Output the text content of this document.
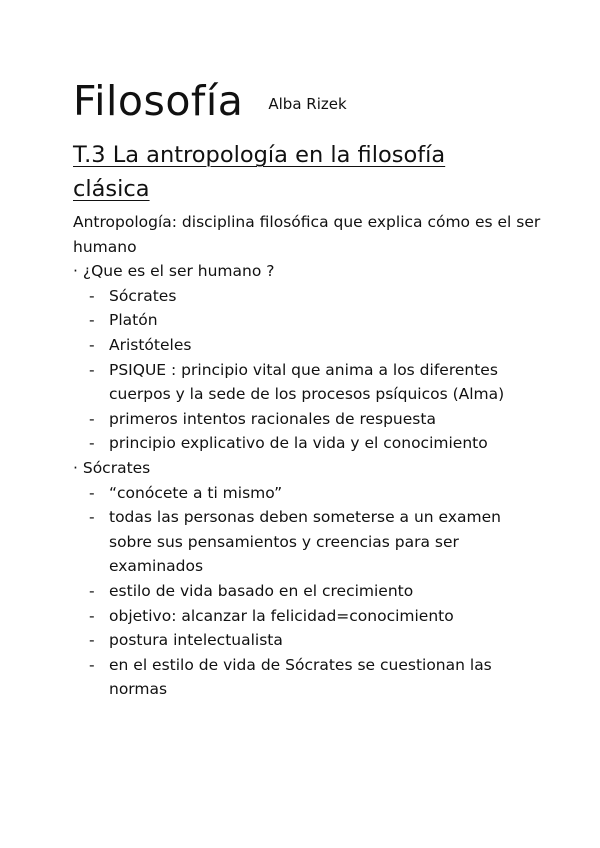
Filosofía Alba Rizek
T.3 La antropología en la filosofía clásica

Antropología: disciplina filosófica que explica cómo es el ser humano

· ¿Que es el ser humano ?

- Sócrates
- Platón
- Aristóteles
- PSIQUE : principio vital que anima a los diferentes cuerpos y la sede de los procesos psíquicos (Alma)
- primeros intentos racionales de respuesta
- principio explicativo de la vida y el conocimiento

· Sócrates

- “conócete a ti mismo”
- todas las personas deben someterse a un examen sobre sus pensamientos y creencias para ser examinados
- estilo de vida basado en el crecimiento
- objetivo: alcanzar la felicidad=conocimiento
- postura intelectualista
- en el estilo de vida de Sócrates se cuestionan las normas
